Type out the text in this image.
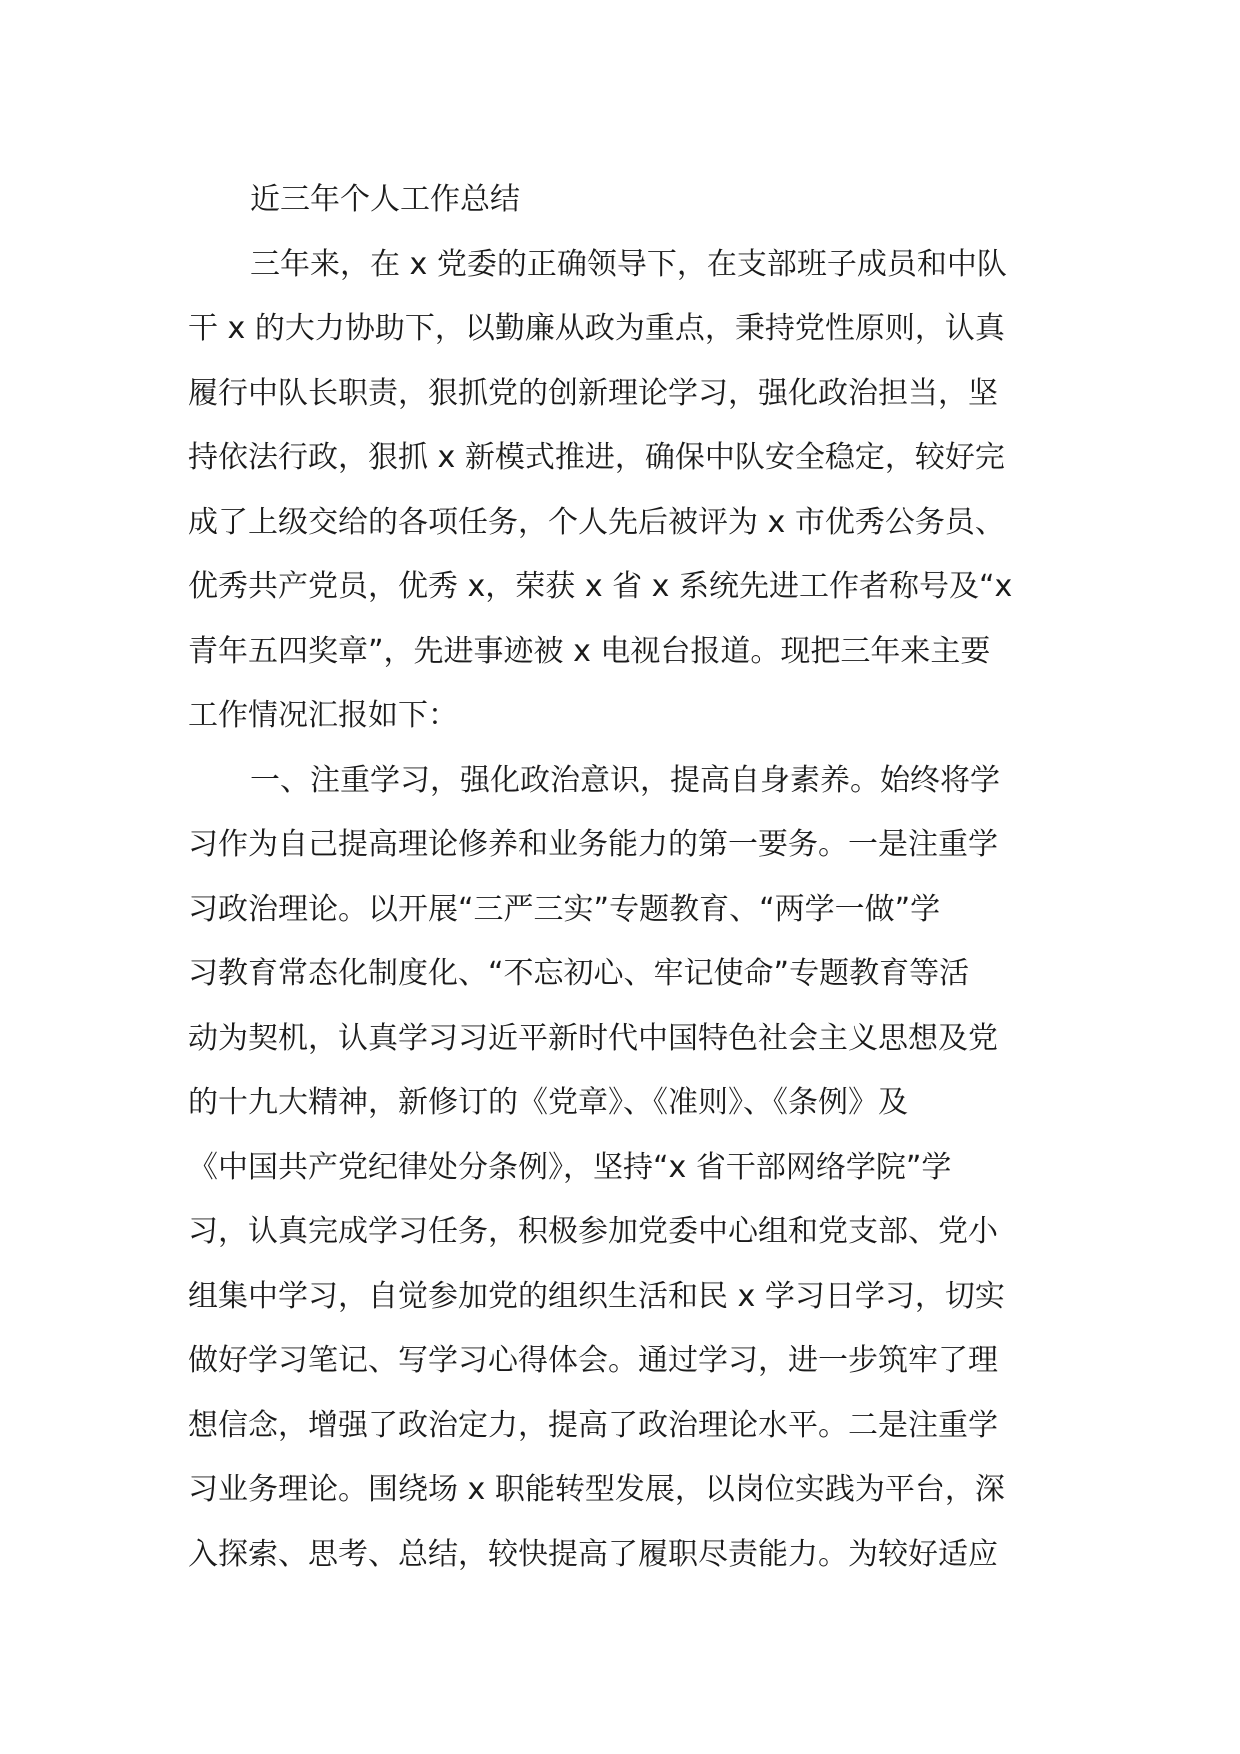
近三年个人工作总结
三年来，在 x 党委的正确领导下，在支部班子成员和中队
干 x 的大力协助下，以勤廉从政为重点，秉持党性原则，认真
履行中队长职责，狠抓党的创新理论学习，强化政治担当，坚
持依法行政，狠抓 x 新模式推进，确保中队安全稳定，较好完
成了上级交给的各项任务，个人先后被评为 x 市优秀公务员、
优秀共产党员，优秀 x，荣获 x 省 x 系统先进工作者称号及“x
青年五四奖章”，先进事迹被 x 电视台报道。现把三年来主要
工作情况汇报如下：
一、注重学习，强化政治意识，提高自身素养。始终将学
习作为自己提高理论修养和业务能力的第一要务。一是注重学
习政治理论。以开展“三严三实”专题教育、“两学一做”学
习教育常态化制度化、“不忘初心、牢记使命”专题教育等活
动为契机，认真学习习近平新时代中国特色社会主义思想及党
的十九大精神，新修订的《党章》、《准则》、《条例》及
《中国共产党纪律处分条例》，坚持“x 省干部网络学院”学
习，认真完成学习任务，积极参加党委中心组和党支部、党小
组集中学习，自觉参加党的组织生活和民 x 学习日学习，切实
做好学习笔记、写学习心得体会。通过学习，进一步筑牢了理
想信念，增强了政治定力，提高了政治理论水平。二是注重学
习业务理论。围绕场 x 职能转型发展，以岗位实践为平台，深
入探索、思考、总结，较快提高了履职尽责能力。为较好适应
